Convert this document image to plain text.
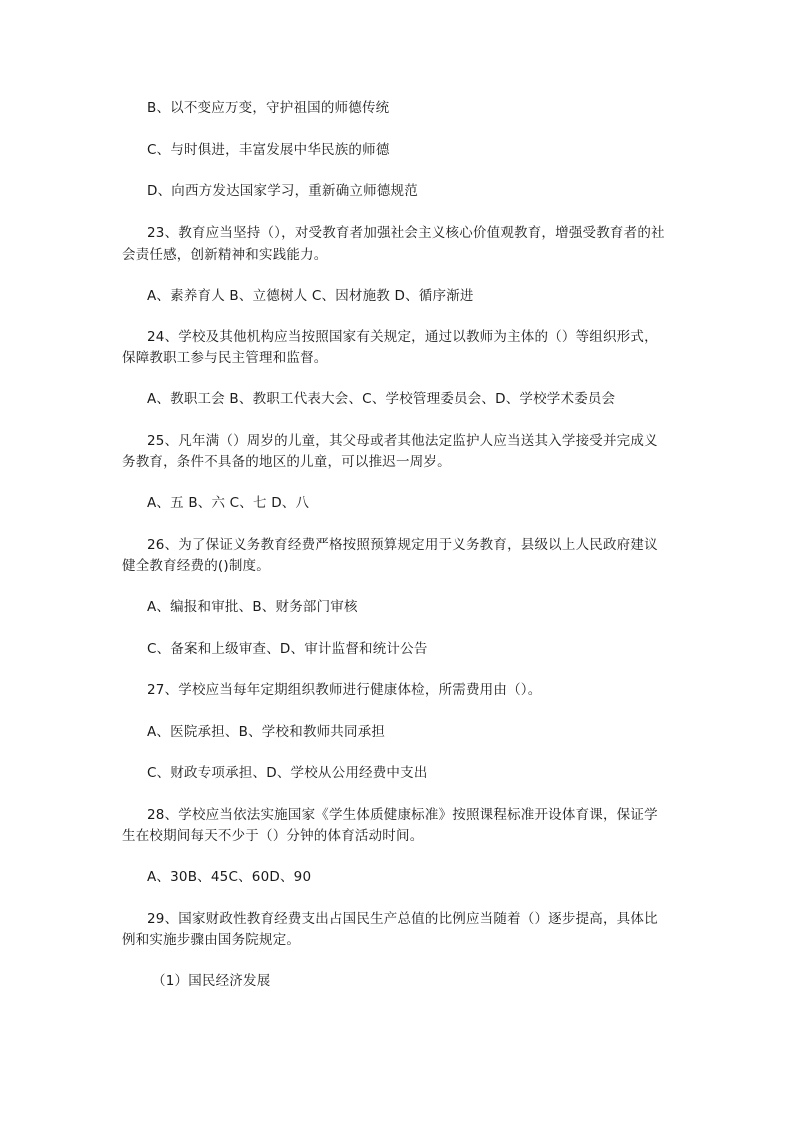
B、以不变应万变，守护祖国的师德传统
C、与时俱进，丰富发展中华民族的师德
D、向西方发达国家学习，重新确立师德规范
23、教育应当坚持（），对受教育者加强社会主义核心价值观教育，增强受教育者的社
会责任感，创新精神和实践能力。
A、素养育人 B、立德树人 C、因材施教 D、循序渐进
24、学校及其他机构应当按照国家有关规定，通过以教师为主体的（）等组织形式，
保障教职工参与民主管理和监督。
A、教职工会 B、教职工代表大会、C、学校管理委员会、D、学校学术委员会
25、凡年满（）周岁的儿童，其父母或者其他法定监护人应当送其入学接受并完成义
务教育，条件不具备的地区的儿童，可以推迟一周岁。
A、五 B、六 C、七 D、八
26、为了保证义务教育经费严格按照预算规定用于义务教育，县级以上人民政府建议
健全教育经费的()制度。
A、编报和审批、B、财务部门审核
C、备案和上级审查、D、审计监督和统计公告
27、学校应当每年定期组织教师进行健康体检，所需费用由（）。
A、医院承担、B、学校和教师共同承担
C、财政专项承担、D、学校从公用经费中支出
28、学校应当依法实施国家《学生体质健康标准》按照课程标准开设体育课，保证学
生在校期间每天不少于（）分钟的体育活动时间。
A、30B、45C、60D、90
29、国家财政性教育经费支出占国民生产总值的比例应当随着（）逐步提高，具体比
例和实施步骤由国务院规定。
（1）国民经济发展
